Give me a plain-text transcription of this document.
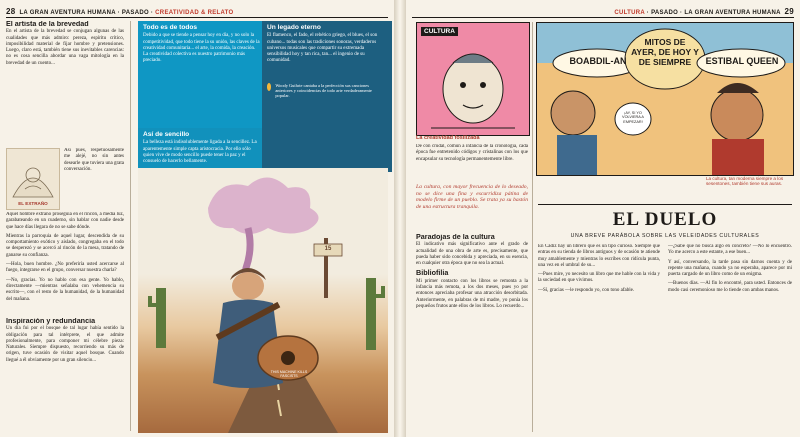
28 LA GRAN AVENTURA HUMANA · PASADO · CREATIVIDAD & RELATO
El artista de la brevedad

En el artista de la brevedad se conjugan algunas de las cualidades que más admiro: pereza, espíritu crítico, imposibilidad material de fijar hombre y pretensiones. Luego, claro está, también tiene sus inevitables carencias: no es cosa sencilla abordar una vaga mitología en la brevedad de un cuento...

EL EXTRAÑO

Aquel hombre extraño proseguía en el rincón, a media luz, garabateando en un cuaderno, sin hablar con nadie desde que hace días llegara de no se sabe dónde.

Mientras la parroquia de aquel lugar, descendida de su comportamiento exótico y aislado, congregaba en el todo se desperezó y se acercó al rincón de la mesa, tratando de ganarse su confianza.

—Hola, buen hombre. ¿No preferiría usted acercarse al fuego, integrarse en el grupo, conversar nuestra charla?

—No, gracias. Yo no hablo con esa gente. Yo hablo, directamente —mientras señalaba con vehemencia su escrito—, con el resto de la humanidad, de la humanidad del mañana.

Así pues, respetuosamente me alejé, no sin antes desearle que tuviera una grata conversación.

Inspiración y redundancia

Un día fui por el bosque de tal lugar había sentido la obligación para tal intérprete, el que admite profesionalmente, para componer mi célebre pieza: Naturales. Siempre dispuesto, recorriendo su más de origen, tuve ocasión de visitar aquel bosque. Cuando llegué a él obviamente por un gran silencio...

Todo es de todos
Debido a que se tiende a pensar hoy en día, y no solo la competitividad, que todo tiene la su unión, las claves de la creatividad comunitaria... el arte, la comida, la creación. La creatividad colectiva es nuestro patrimonio más preciado.
Así de sencillo
La belleza está indisolublemente ligada a la sencillez. La aparentemente simple capta aristocracia. Por ello sólo quien vive de modo sencillo puede tener la paz y el consuelo de hacerlo bellamente.
Un legado eterno
El flamenco, el fado, el rebético griego, el blues, el son cubano... todas son las tradiciones sonoras, verdaderos universos musicales que compartir su extremada sensibilidad hoy y tan rica, tan... el ingenio de su comunidad.
Woody Guthrie cantaba a la perfección sus canciones anteriores y coincidencias de todo arte verdaderamente popular.
THIS MACHINE KILLS FASCISTS
15
CULTURA · PASADO · LA GRAN AVENTURA HUMANA 29
CULTURA
La creatividad fosilizada

De con crudal, comun a infancia de la cronología, cada época fue entretenido códigos y cristalinas con los que encapsular su tecnología permanentemente libre.

La cultura, con mayor frecuencia de lo deseado, no se dice una fina y escurridiza pátina de modelo firme de un pueblo. Se trata ya su bastón de una estructura tranquila.
BOABDIL-AN
MITOS DE AYER, DE HOY Y DE SIEMPRE	ESTIBAL QUEEN
¡AY, SI YO VOLVIERA A EMPEZAR!
La cultura, tan moderna siempre a los sesentones, también tiene sus auras.
Paradojas de la cultura

El indicativo más significativo ante el grado de actualidad de una obra de arte es, precisamente, que pueda haber sido concebida y apreciada, en su esencia, en cualquier otra época que no sea la actual.

Bibliofilia

Mi primer contacto con los libros se remonta a la infancia más remota, a los dos meses, pues yo por entonces apreciaba profesar una atracción desorbitada. Anteriormente, en palabras de mi madre, yo ponía los pequeños frutos ante ellos de los libros. Lo recuerdo...

EL DUELO
UNA BREVE PARÁBOLA SOBRE LAS VELEIDADES CULTURALES

En Cádiz hay un librero que es un tipo curioso. Siempre que entras en su tienda de libros antiguos y de ocasión te atiende muy amablemente y mientras lo escribes con ridícula punta, una vez en el umbral de su...

—Pues mire, yo necesito un libro que me hable con la vida y la sociedad en que vivimos.

—Sí, gracias —le respondo yo, con tono afable.

—¿Sabe que no busca algo en concreto? —No lo encuentro. Yo me acerco a este estante, a ese buen...

Y así, conversando, la tarde pasa sin darnos cuenta y de repente una mañana, cuando ya no esperaba, aparece por mi puerta cargado de un libro como de un enigma.

—Buenos días. —Al fin lo encontré, para usted. Entonces de modo casi ceremonioso me lo tiende con ambas manos.
